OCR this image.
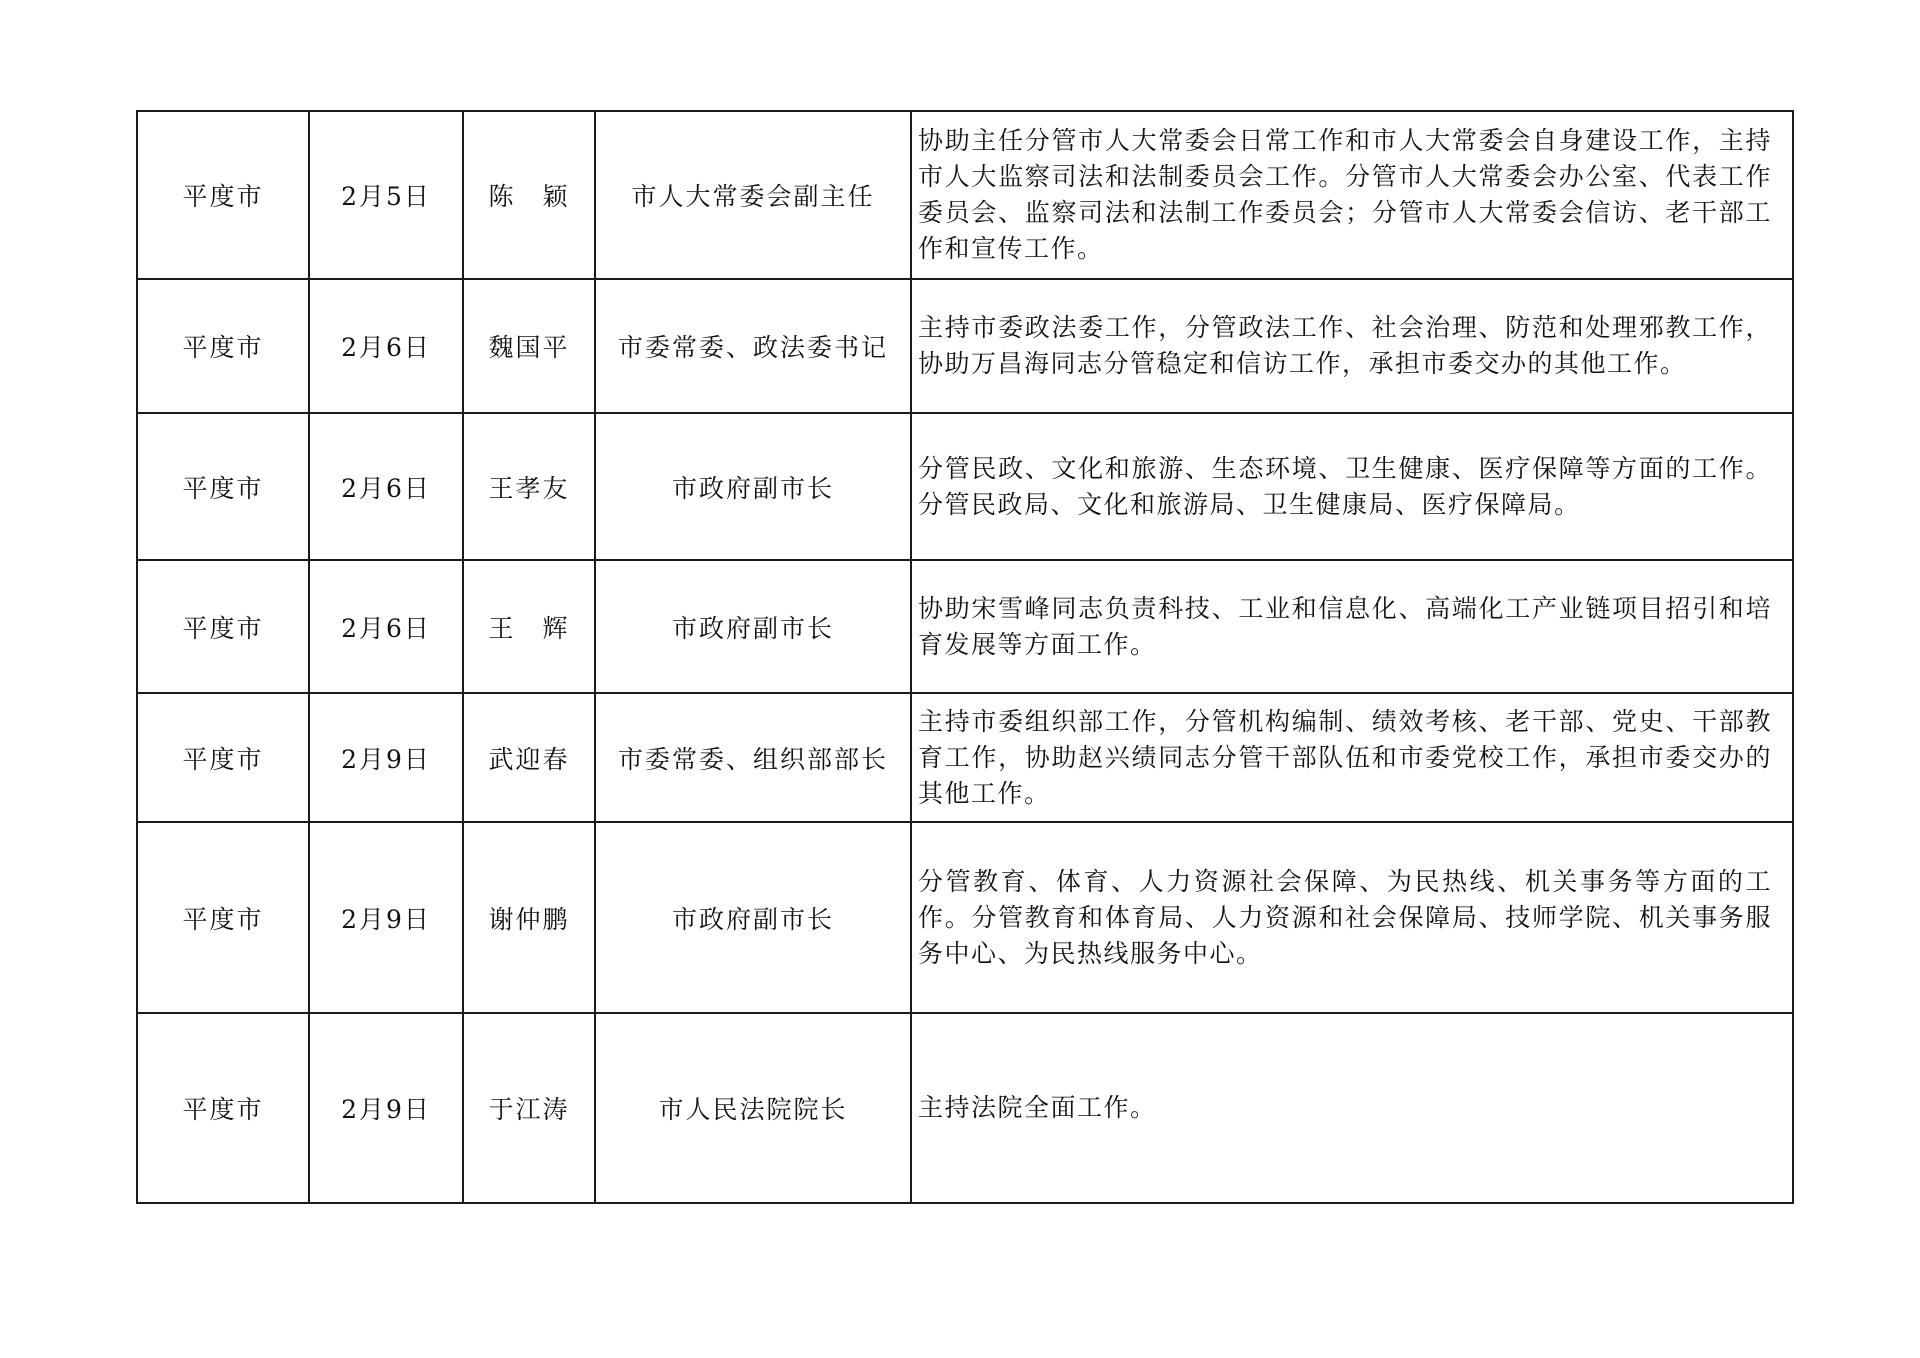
平度市	2月5日	陈　颖	市人大常委会副主任	协助主任分管市人大常委会日常工作和市人大常委会自身建设工作，主持市人大监察司法和法制委员会工作。分管市人大常委会办公室、代表工作委员会、监察司法和法制工作委员会；分管市人大常委会信访、老干部工作和宣传工作。
平度市	2月6日	魏国平	市委常委、政法委书记	主持市委政法委工作，分管政法工作、社会治理、防范和处理邪教工作，协助万昌海同志分管稳定和信访工作，承担市委交办的其他工作。
平度市	2月6日	王孝友	市政府副市长	分管民政、文化和旅游、生态环境、卫生健康、医疗保障等方面的工作。分管民政局、文化和旅游局、卫生健康局、医疗保障局。
平度市	2月6日	王　辉	市政府副市长	协助宋雪峰同志负责科技、工业和信息化、高端化工产业链项目招引和培育发展等方面工作。
平度市	2月9日	武迎春	市委常委、组织部部长	主持市委组织部工作，分管机构编制、绩效考核、老干部、党史、干部教育工作，协助赵兴绩同志分管干部队伍和市委党校工作，承担市委交办的其他工作。
平度市	2月9日	谢仲鹏	市政府副市长	分管教育、体育、人力资源社会保障、为民热线、机关事务等方面的工作。分管教育和体育局、人力资源和社会保障局、技师学院、机关事务服务中心、为民热线服务中心。
平度市	2月9日	于江涛	市人民法院院长	主持法院全面工作。
